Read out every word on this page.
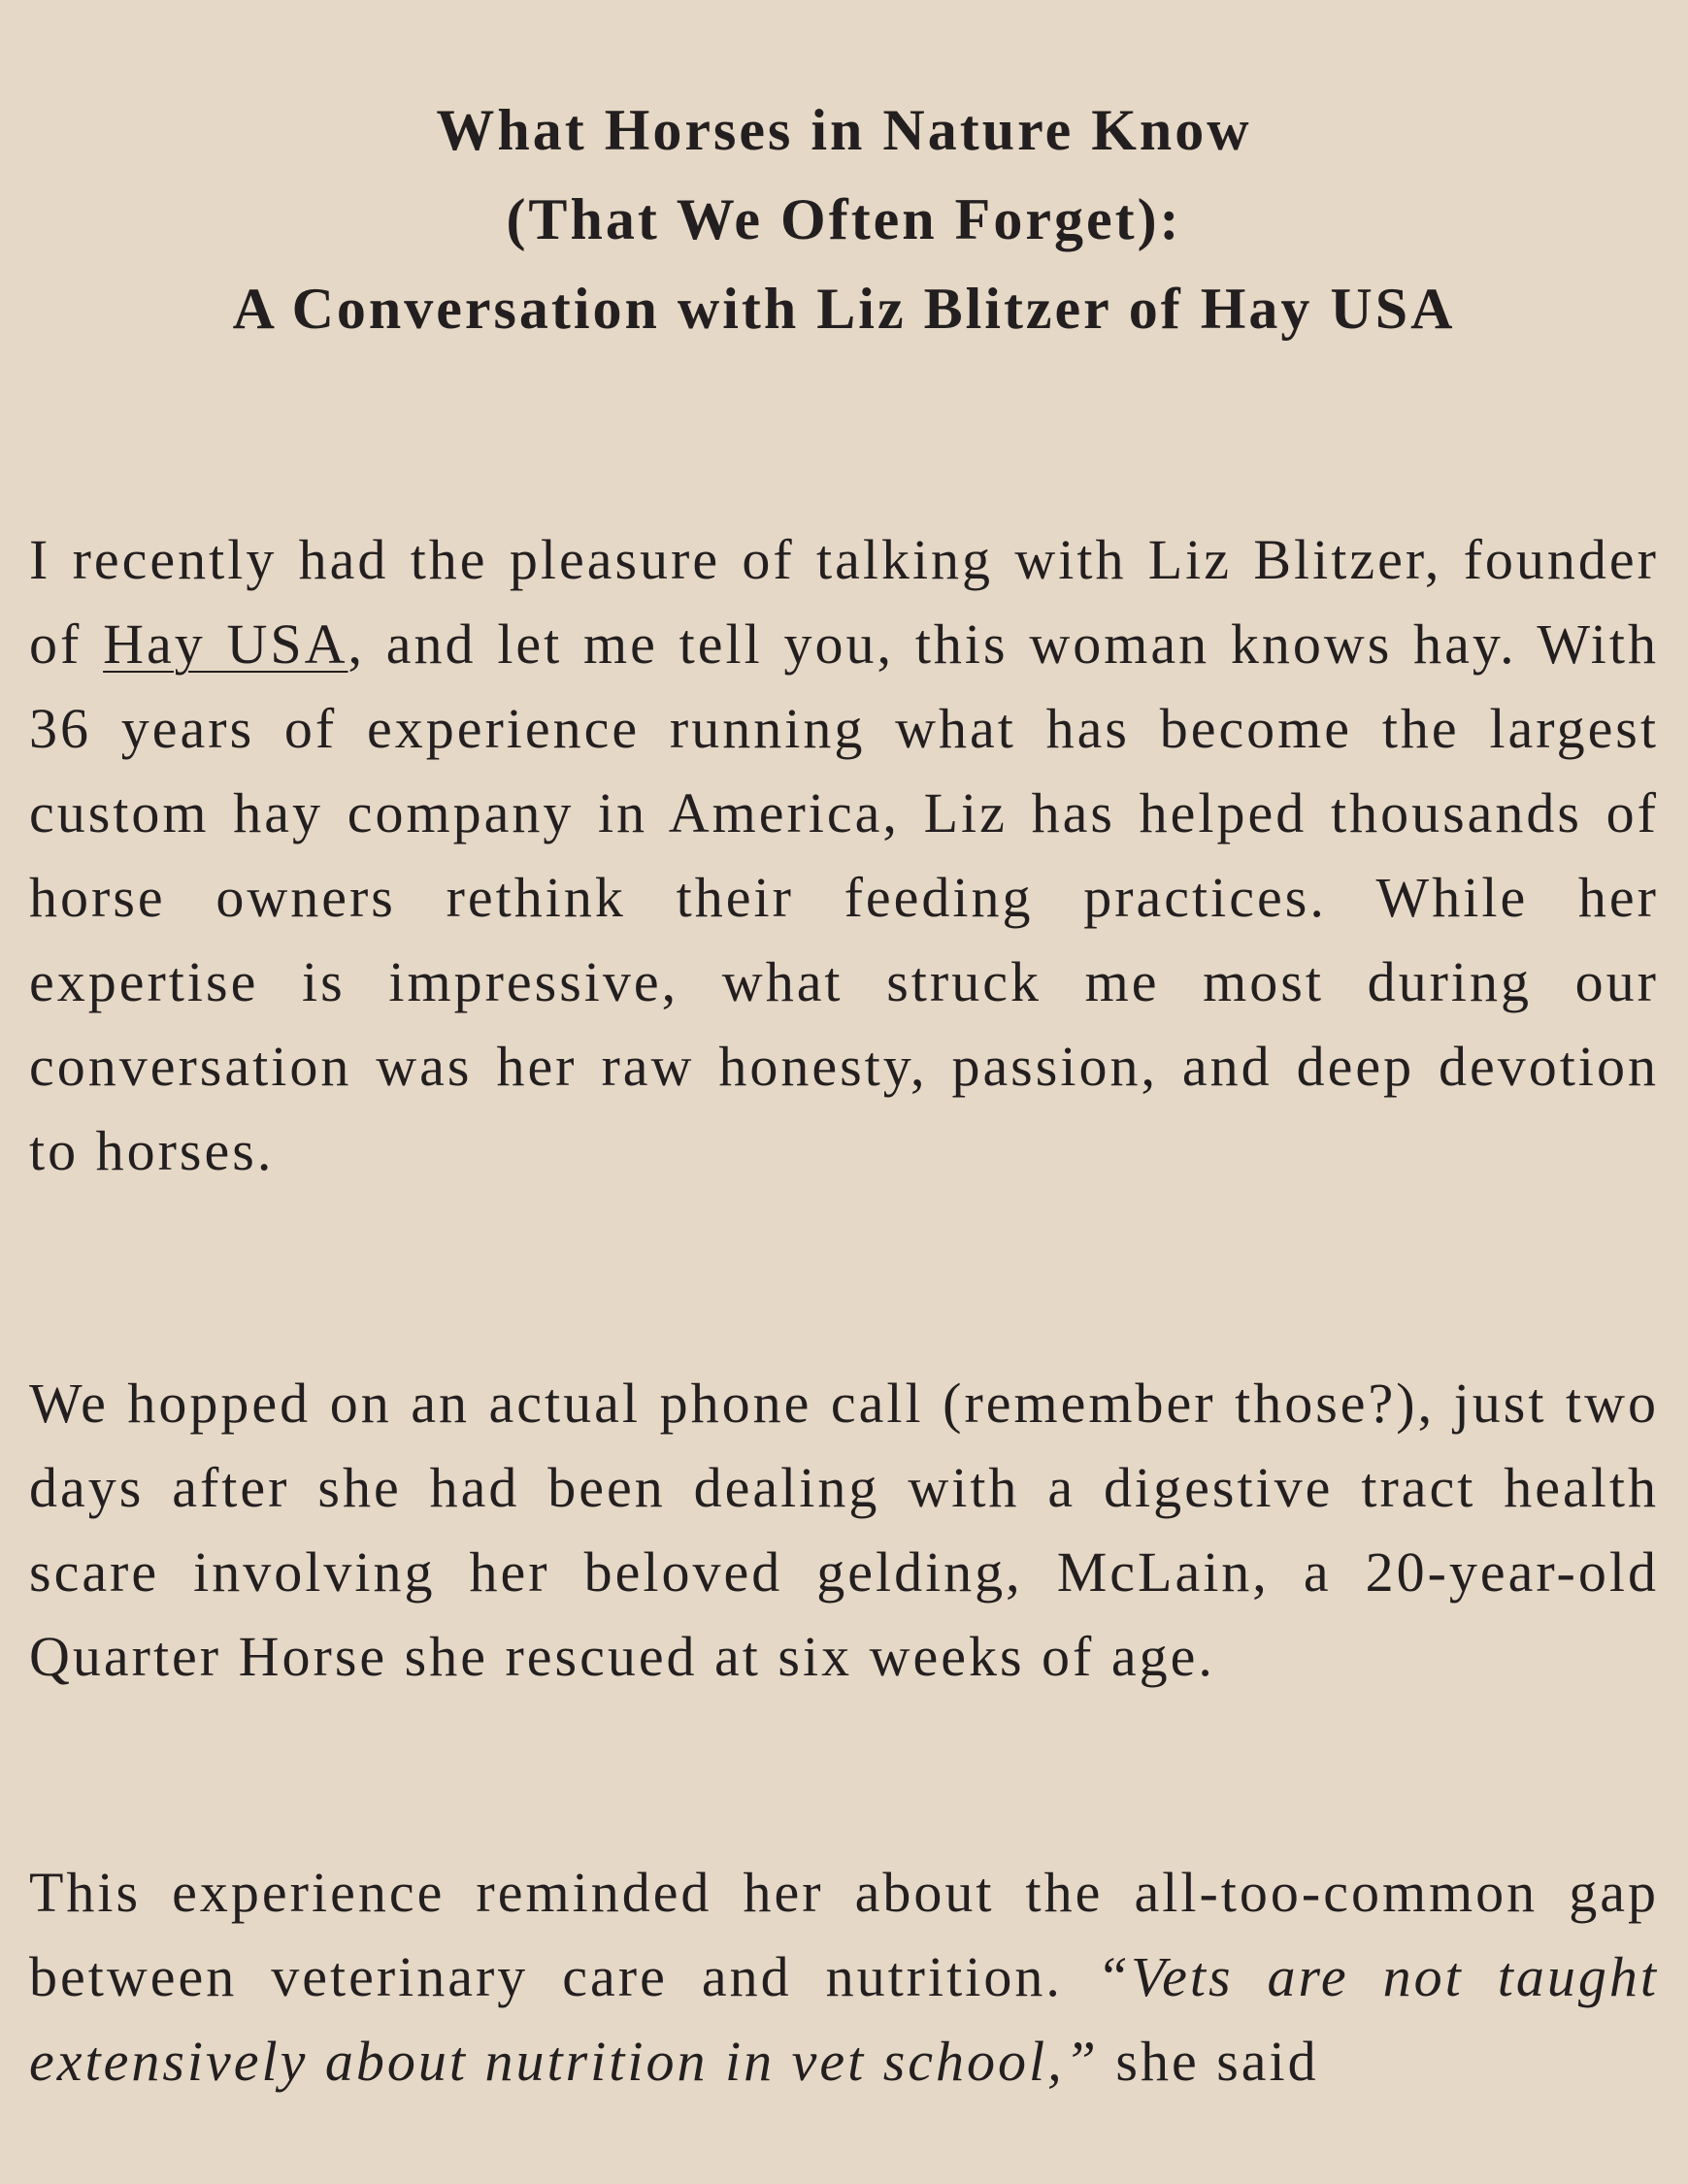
What Horses in Nature Know
(That We Often Forget):
A Conversation with Liz Blitzer of Hay USA

I recently had the pleasure of talking with Liz Blitzer, founder of Hay USA, and let me tell you, this woman knows hay. With 36 years of experience running what has become the largest custom hay company in America, Liz has helped thousands of horse owners rethink their feeding practices. While her expertise is impressive, what struck me most during our conversation was her raw honesty, passion, and deep devotion to horses.

We hopped on an actual phone call (remember those?), just two days after she had been dealing with a digestive tract health scare involving her beloved gelding, McLain, a 20-year-old Quarter Horse she rescued at six weeks of age.

This experience reminded her about the all-too-common gap between veterinary care and nutrition. “Vets are not taught extensively about nutrition in vet school,” she said
